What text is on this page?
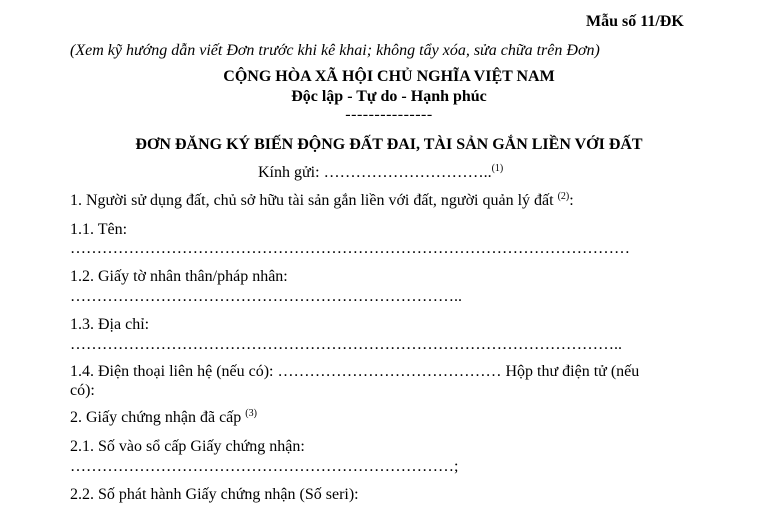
Mẫu số 11/ĐK
(Xem kỹ hướng dẫn viết Đơn trước khi kê khai; không tẩy xóa, sửa chữa trên Đơn)
CỘNG HÒA XÃ HỘI CHỦ NGHĨA VIỆT NAM
Độc lập - Tự do - Hạnh phúc
---------------
ĐƠN ĐĂNG KÝ BIẾN ĐỘNG ĐẤT ĐAI, TÀI SẢN GẮN LIỀN VỚI ĐẤT
Kính gửi: …………………………..$^{(1)}$
1. Người sử dụng đất, chủ sở hữu tài sản gắn liền với đất, người quản lý đất $^{(2)}$:
1.1. Tên:
……………………………………………………………………………………………
1.2. Giấy tờ nhân thân/pháp nhân:
………………………………………………………………..
1.3. Địa chỉ:
…………………………………………………………………………………………..
1.4. Điện thoại liên hệ (nếu có): …………………………………… Hộp thư điện tử (nếu
có):
2. Giấy chứng nhận đã cấp $^{(3)}$
2.1. Số vào sổ cấp Giấy chứng nhận:
………………………………………………………………;
2.2. Số phát hành Giấy chứng nhận (Số seri):
